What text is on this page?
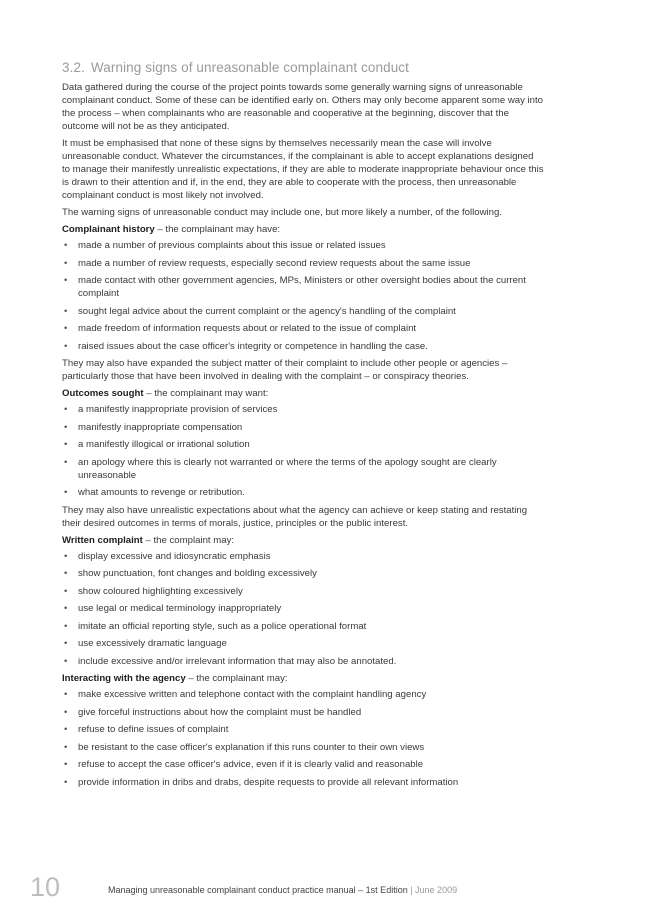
3.2. Warning signs of unreasonable complainant conduct

Data gathered during the course of the project points towards some generally warning signs of unreasonable complainant conduct. Some of these can be identified early on. Others may only become apparent some way into the process – when complainants who are reasonable and cooperative at the beginning, discover that the outcome will not be as they anticipated.

It must be emphasised that none of these signs by themselves necessarily mean the case will involve unreasonable conduct. Whatever the circumstances, if the complainant is able to accept explanations designed to manage their manifestly unrealistic expectations, if they are able to moderate inappropriate behaviour once this is drawn to their attention and if, in the end, they are able to cooperate with the process, then unreasonable complainant conduct is most likely not involved.

The warning signs of unreasonable conduct may include one, but more likely a number, of the following.

Complainant history – the complainant may have:
• made a number of previous complaints about this issue or related issues
• made a number of review requests, especially second review requests about the same issue
• made contact with other government agencies, MPs, Ministers or other oversight bodies about the current complaint
• sought legal advice about the current complaint or the agency's handling of the complaint
• made freedom of information requests about or related to the issue of complaint
• raised issues about the case officer's integrity or competence in handling the case.

They may also have expanded the subject matter of their complaint to include other people or agencies – particularly those that have been involved in dealing with the complaint – or conspiracy theories.

Outcomes sought – the complainant may want:
• a manifestly inappropriate provision of services
• manifestly inappropriate compensation
• a manifestly illogical or irrational solution
• an apology where this is clearly not warranted or where the terms of the apology sought are clearly unreasonable
• what amounts to revenge or retribution.

They may also have unrealistic expectations about what the agency can achieve or keep stating and restating their desired outcomes in terms of morals, justice, principles or the public interest.

Written complaint – the complaint may:
• display excessive and idiosyncratic emphasis
• show punctuation, font changes and bolding excessively
• show coloured highlighting excessively
• use legal or medical terminology inappropriately
• imitate an official reporting style, such as a police operational format
• use excessively dramatic language
• include excessive and/or irrelevant information that may also be annotated.
Interacting with the agency – the complainant may:
• make excessive written and telephone contact with the complaint handling agency
• give forceful instructions about how the complaint must be handled
• refuse to define issues of complaint
• be resistant to the case officer's explanation if this runs counter to their own views
• refuse to accept the case officer's advice, even if it is clearly valid and reasonable
• provide information in dribs and drabs, despite requests to provide all relevant information
10	Managing unreasonable complainant conduct practice manual – 1st Edition | June 2009
